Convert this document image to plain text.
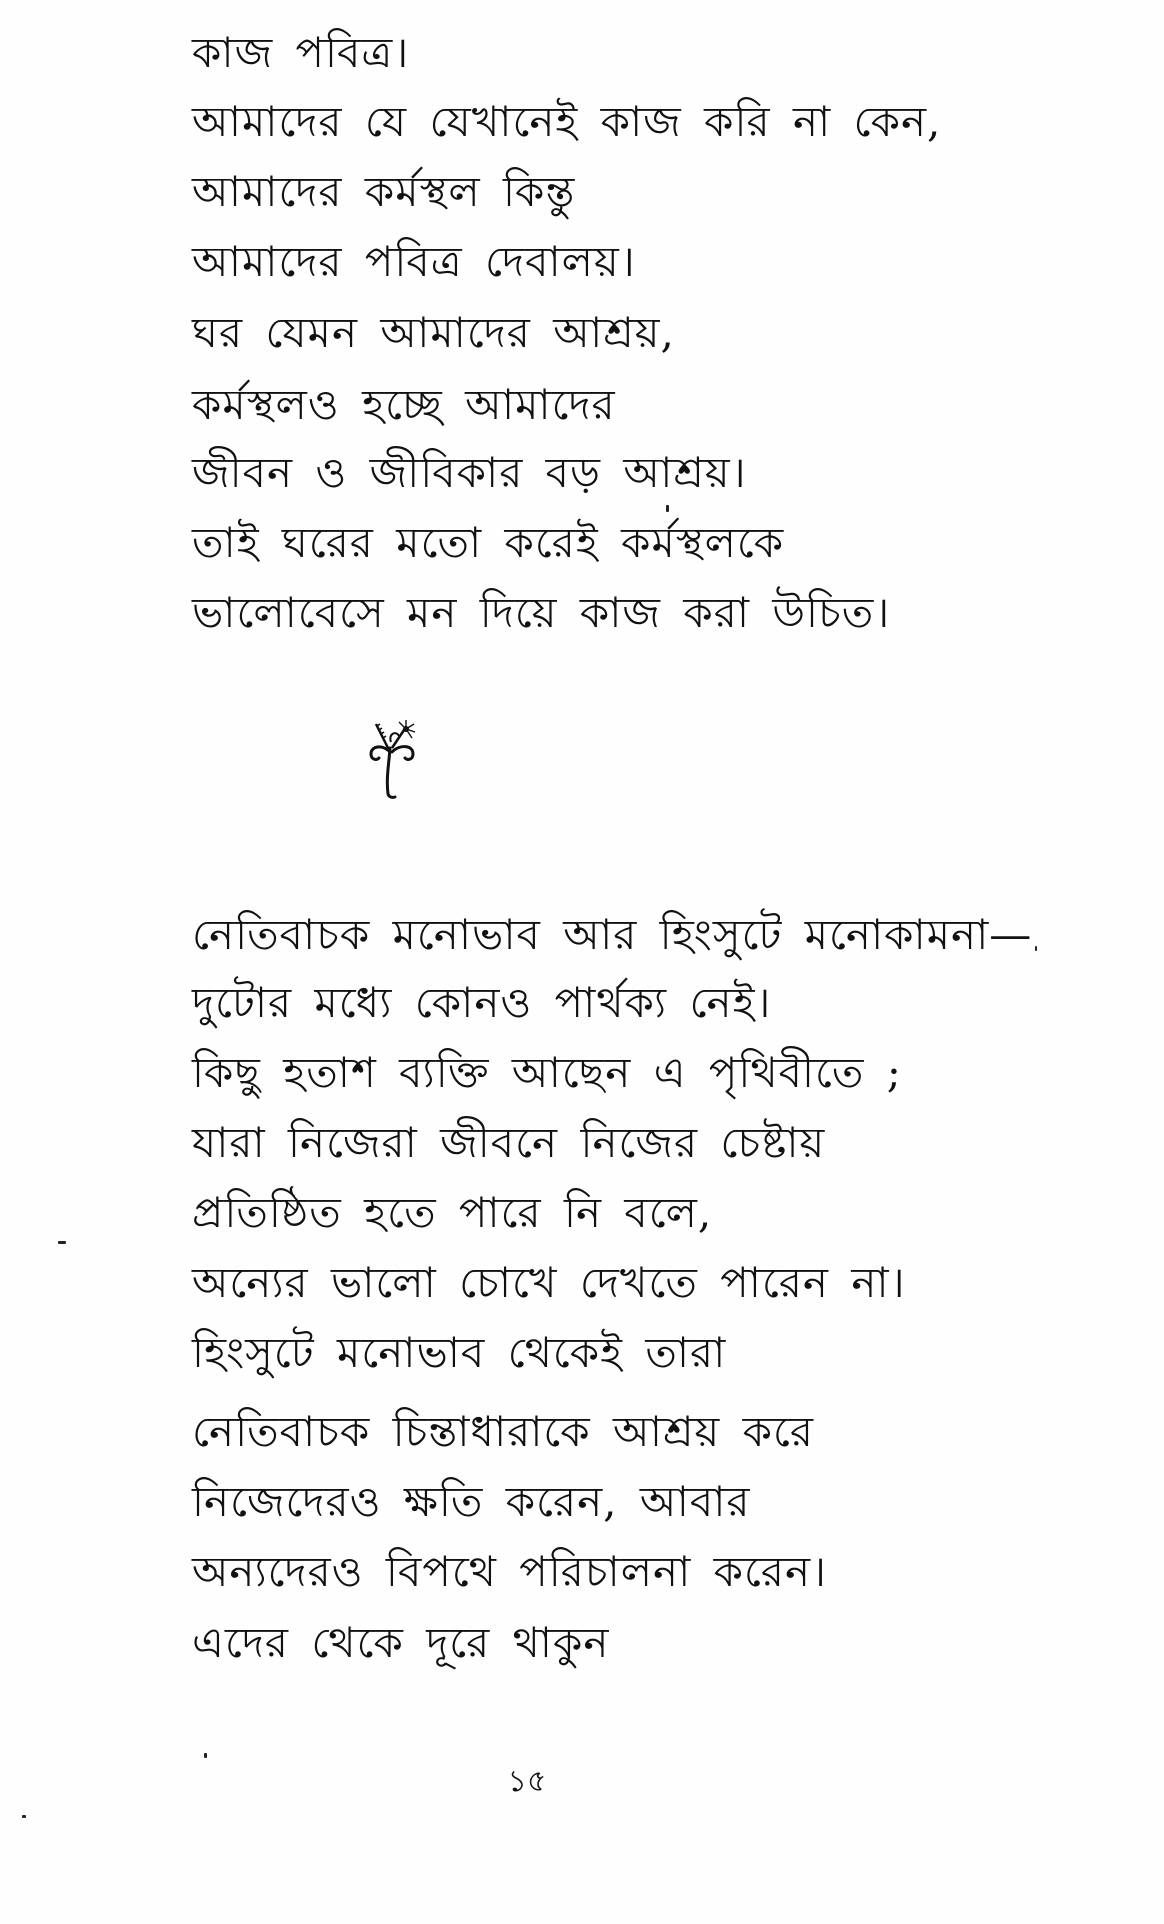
কাজ পবিত্র।
আমাদের যে যেখানেই কাজ করি না কেন,
আমাদের কর্মস্থল কিন্তু
আমাদের পবিত্র দেবালয়।
ঘর যেমন আমাদের আশ্রয়,
কর্মস্থলও হচ্ছে আমাদের
জীবন ও জীবিকার বড় আশ্রয়।
তাই ঘরের মতো করেই কর্মস্থলকে
ভালোবেসে মন দিয়ে কাজ করা উচিত।
নেতিবাচক মনোভাব আর হিংসুটে মনোকামনা—
দুটোর মধ্যে কোনও পার্থক্য নেই।
কিছু হতাশ ব্যক্তি আছেন এ পৃথিবীতে ;
যারা নিজেরা জীবনে নিজের চেষ্টায়
প্রতিষ্ঠিত হতে পারে নি বলে,
অন্যের ভালো চোখে দেখতে পারেন না।
হিংসুটে মনোভাব থেকেই তারা
নেতিবাচক চিন্তাধারাকে আশ্রয় করে
নিজেদেরও ক্ষতি করেন, আবার
অন্যদেরও বিপথে পরিচালনা করেন।
এদের থেকে দূরে থাকুন
১৫
